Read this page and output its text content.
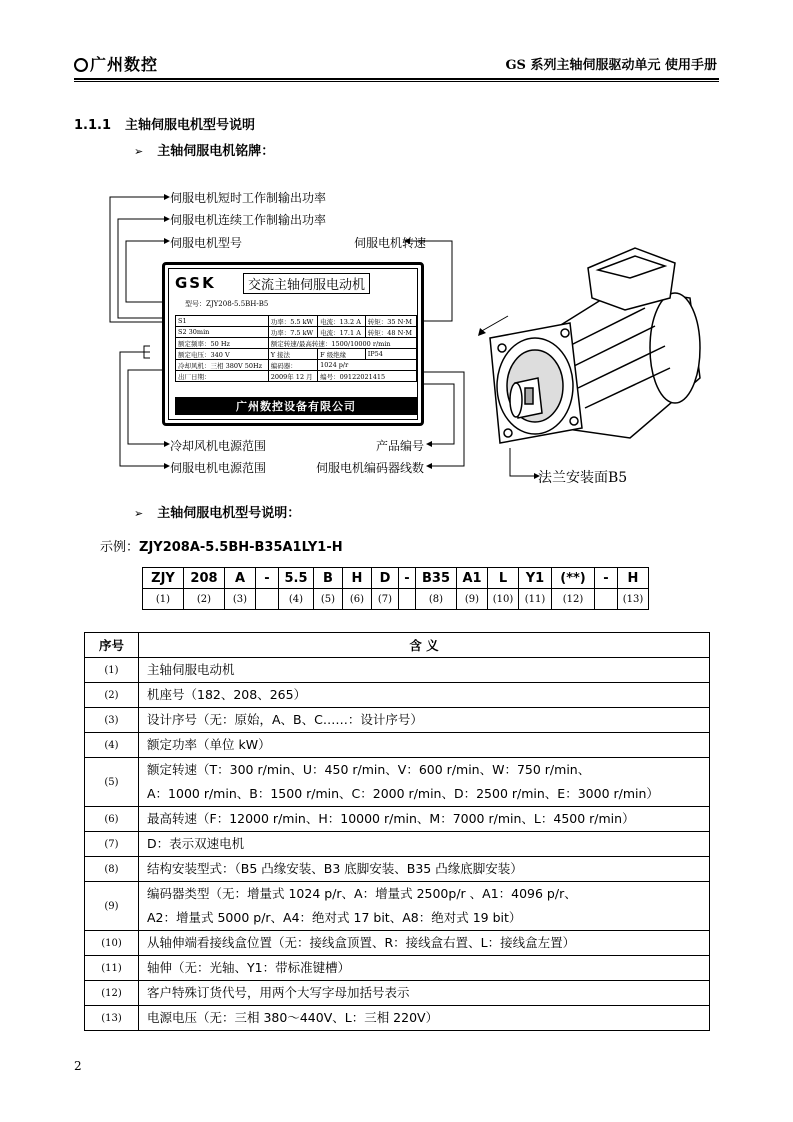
广州数控	GS 系列主轴伺服驱动单元 使用手册
1.1.1 主轴伺服电机型号说明
➢ 主轴伺服电机铭牌：
伺服电机短时工作制输出功率
伺服电机连续工作制输出功率
伺服电机型号
冷却风机电源范围
伺服电机电源范围
伺服电机转速
产品编号
伺服电机编码器线数
GSK	交流主轴伺服电动机
型号：ZJY208-5.5BH-B5
S1	功率：5.5 kW	电流：13.2 A	转矩：35 N·M
S2 30min	功率：7.5 kW	电流：17.1 A	转矩：48 N·M
额定频率：50 Hz	额定转速/最高转速：1500/10000 r/min		
额定电压：340 V	Y 接法	F 级绝缘	IP54
冷却风机：三相 380V 50Hz	编码器：	1024 p/r	
出厂日期：	2009年 12 月	编号：09122021415	
广州数控设备有限公司
法兰安装面B5
➢ 主轴伺服电机型号说明：
示例：ZJY208A-5.5BH-B35A1LY1-H
ZJY	208	A	-	5.5	B	H	D	-	B35	A1	L	Y1	(**)	-	H
(1)	(2)	(3)		(4)	(5)	(6)	(7)		(8)	(9)	(10)	(11)	(12)		(13)
序号	含 义
(1)	主轴伺服电动机
(2)	机座号（182、208、265）
(3)	设计序号（无：原始，A、B、C……：设计序号）
(4)	额定功率（单位 kW）
(5)	额定转速（T：300 r/min、U：450 r/min、V：600 r/min、W：750 r/min、
A：1000 r/min、B：1500 r/min、C：2000 r/min、D：2500 r/min、E：3000 r/min）

(6)	最高转速（F：12000 r/min、H：10000 r/min、M：7000 r/min、L：4500 r/min）
(7)	D：表示双速电机
(8)	结构安装型式：（B5 凸缘安装、B3 底脚安装、B35 凸缘底脚安装）
(9)	编码器类型（无：增量式 1024 p/r、A：增量式 2500p/r 、A1：4096 p/r、
A2：增量式 5000 p/r、A4：绝对式 17 bit、A8：绝对式 19 bit）

(10)	从轴伸端看接线盒位置（无：接线盒顶置、R：接线盒右置、L：接线盒左置）
(11)	轴伸（无：光轴、Y1：带标准键槽）
(12)	客户特殊订货代号，用两个大写字母加括号表示
(13)	电源电压（无：三相 380～440V、L：三相 220V）
2
